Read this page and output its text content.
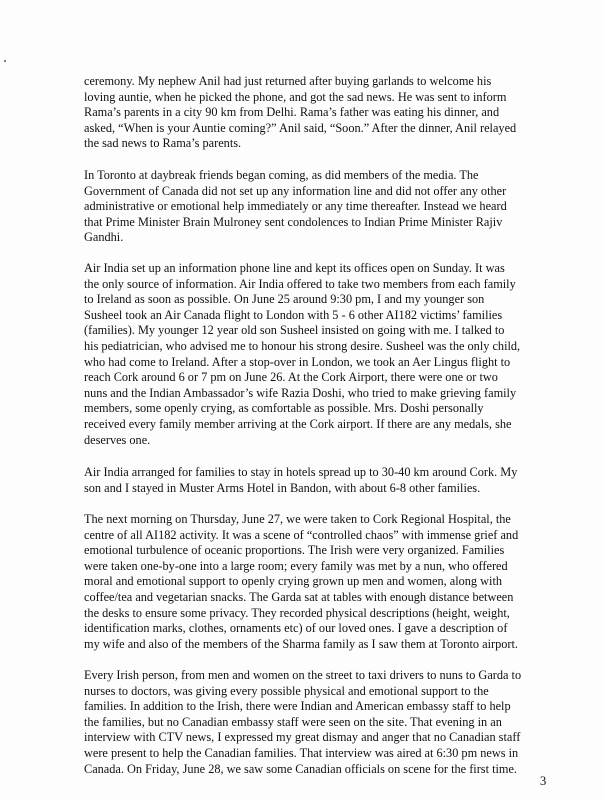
ceremony. My nephew Anil had just returned after buying garlands to welcome his
loving auntie, when he picked the phone, and got the sad news. He was sent to inform
Rama’s parents in a city 90 km from Delhi. Rama’s father was eating his dinner, and
asked, “When is your Auntie coming?” Anil said, “Soon.” After the dinner, Anil relayed
the sad news to Rama’s parents.
In Toronto at daybreak friends began coming, as did members of the media. The
Government of Canada did not set up any information line and did not offer any other
administrative or emotional help immediately or any time thereafter. Instead we heard
that Prime Minister Brain Mulroney sent condolences to Indian Prime Minister Rajiv
Gandhi.
Air India set up an information phone line and kept its offices open on Sunday. It was
the only source of information. Air India offered to take two members from each family
to Ireland as soon as possible. On June 25 around 9:30 pm, I and my younger son
Susheel took an Air Canada flight to London with 5 - 6 other AI182 victims’ families
(families). My younger 12 year old son Susheel insisted on going with me. I talked to
his pediatrician, who advised me to honour his strong desire. Susheel was the only child,
who had come to Ireland. After a stop-over in London, we took an Aer Lingus flight to
reach Cork around 6 or 7 pm on June 26. At the Cork Airport, there were one or two
nuns and the Indian Ambassador’s wife Razia Doshi, who tried to make grieving family
members, some openly crying, as comfortable as possible. Mrs. Doshi personally
received every family member arriving at the Cork airport. If there are any medals, she
deserves one.
Air India arranged for families to stay in hotels spread up to 30-40 km around Cork. My
son and I stayed in Muster Arms Hotel in Bandon, with about 6-8 other families.
The next morning on Thursday, June 27, we were taken to Cork Regional Hospital, the
centre of all AI182 activity. It was a scene of “controlled chaos” with immense grief and
emotional turbulence of oceanic proportions. The Irish were very organized. Families
were taken one-by-one into a large room; every family was met by a nun, who offered
moral and emotional support to openly crying grown up men and women, along with
coffee/tea and vegetarian snacks. The Garda sat at tables with enough distance between
the desks to ensure some privacy. They recorded physical descriptions (height, weight,
identification marks, clothes, ornaments etc) of our loved ones. I gave a description of
my wife and also of the members of the Sharma family as I saw them at Toronto airport.
Every Irish person, from men and women on the street to taxi drivers to nuns to Garda to
nurses to doctors, was giving every possible physical and emotional support to the
families. In addition to the Irish, there were Indian and American embassy staff to help
the families, but no Canadian embassy staff were seen on the site. That evening in an
interview with CTV news, I expressed my great dismay and anger that no Canadian staff
were present to help the Canadian families. That interview was aired at 6:30 pm news in
Canada. On Friday, June 28, we saw some Canadian officials on scene for the first time.

3
